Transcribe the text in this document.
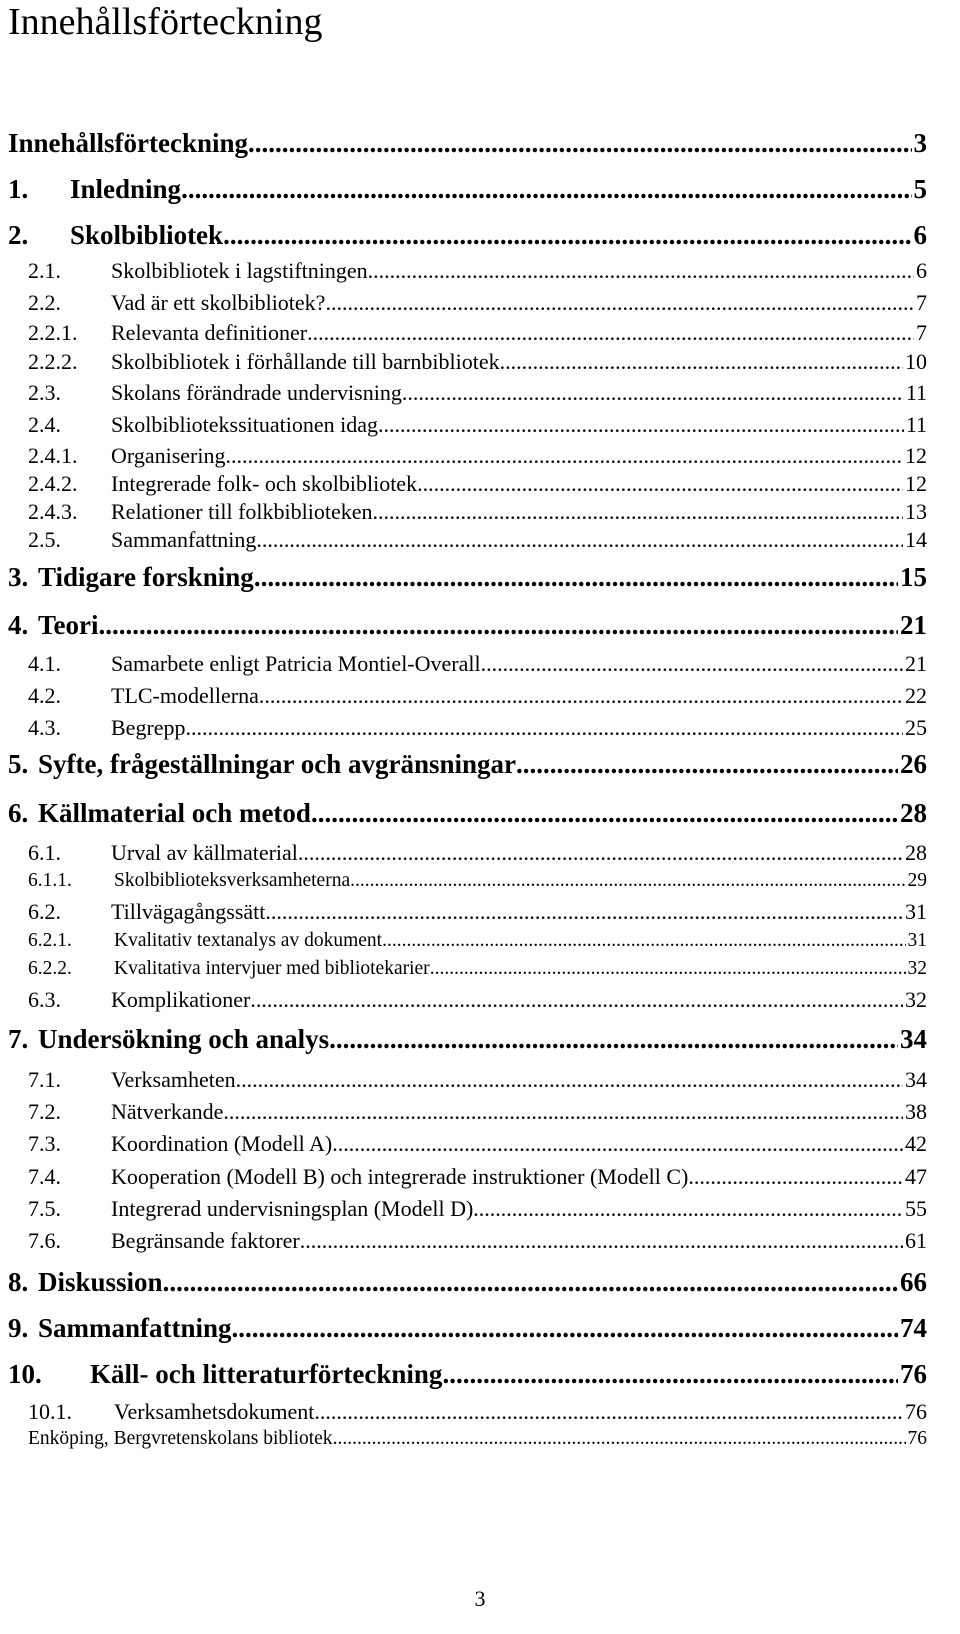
Innehållsförteckning
Innehållsförteckning .....	3
1.	Inledning .....	5
2.	Skolbibliotek .....	6
2.1.	Skolbibliotek i lagstiftningen .....	6
2.2.	Vad är ett skolbibliotek? .....	7
2.2.1.	Relevanta definitioner .....	7
2.2.2.	Skolbibliotek i förhållande till barnbibliotek .....	10
2.3.	Skolans förändrade undervisning .....	11
2.4.	Skolbibliotekssituationen idag .....	11
2.4.1.	Organisering .....	12
2.4.2.	Integrerade folk- och skolbibliotek .....	12
2.4.3.	Relationer till folkbiblioteken .....	13
2.5.	Sammanfattning .....	14
3. Tidigare forskning .....	15
4. Teori .....	21
4.1.	Samarbete enligt Patricia Montiel-Overall .....	21
4.2.	TLC-modellerna .....	22
4.3.	Begrepp .....	25
5. Syfte, frågeställningar och avgränsningar .....	26
6. Källmaterial och metod .....	28
6.1.	Urval av källmaterial .....	28
6.1.1.	Skolbiblioteksverksamheterna .....	29
6.2.	Tillvägagångssätt .....	31
6.2.1.	Kvalitativ textanalys av dokument .....	31
6.2.2.	Kvalitativa intervjuer med bibliotekarier .....	32
6.3.	Komplikationer .....	32
7. Undersökning och analys .....	34
7.1.	Verksamheten .....	34
7.2.	Nätverkande .....	38
7.3.	Koordination (Modell A) .....	42
7.4.	Kooperation (Modell B) och integrerade instruktioner (Modell C) .....	47
7.5.	Integrerad undervisningsplan (Modell D) .....	55
7.6.	Begränsande faktorer .....	61
8. Diskussion .....	66
9. Sammanfattning .....	74
10.	Käll- och litteraturförteckning .....	76
10.1.	Verksamhetsdokument .....	76
Enköping, Bergvretenskolans bibliotek .....	76
3
